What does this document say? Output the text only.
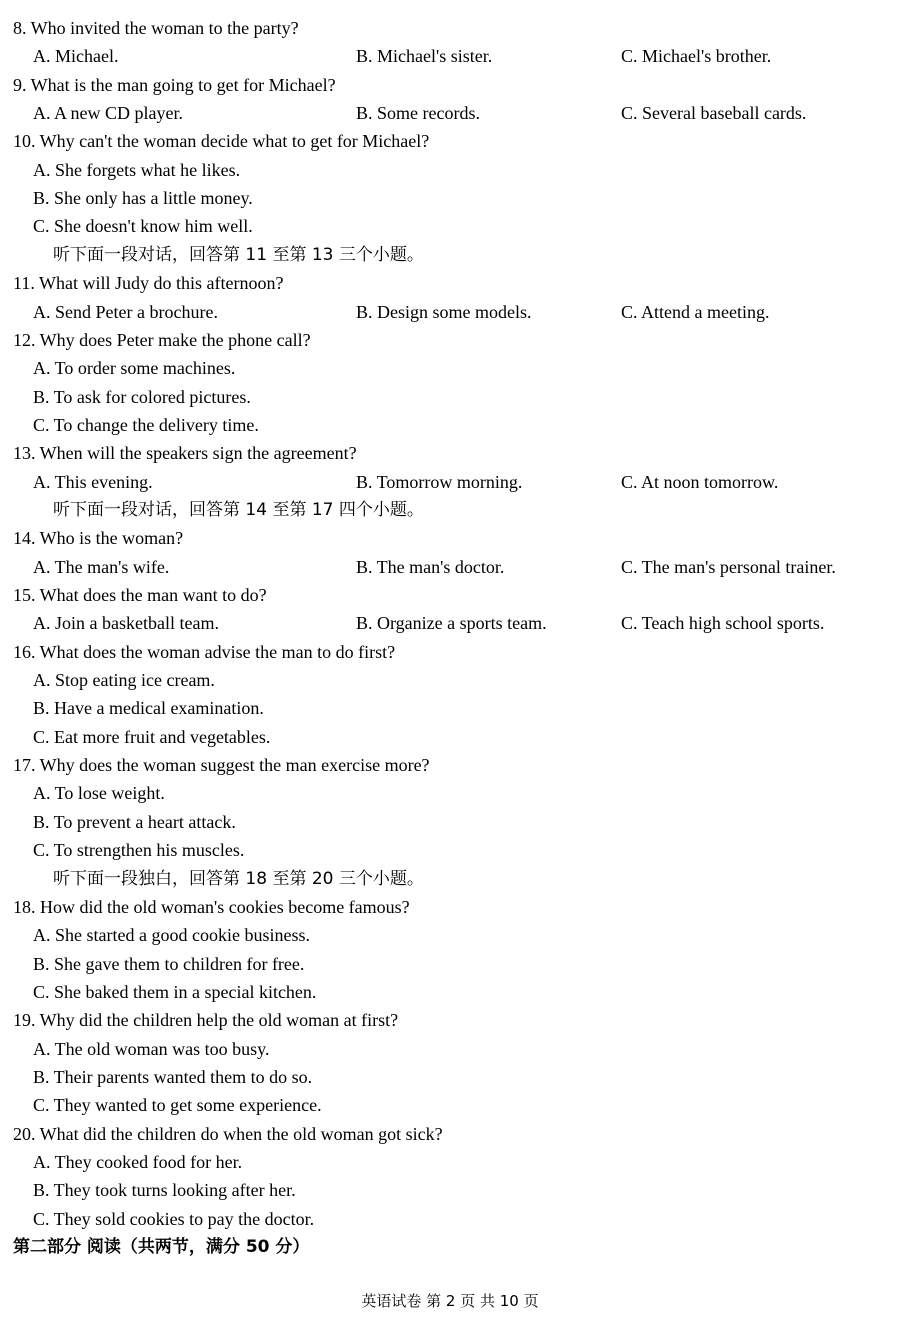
8. Who invited the woman to the party?
A. Michael.	B. Michael's sister.	C. Michael's brother.
9. What is the man going to get for Michael?
A. A new CD player.	B. Some records.	C. Several baseball cards.
10. Why can't the woman decide what to get for Michael?
A. She forgets what he likes.
B. She only has a little money.
C. She doesn't know him well.
听下面一段对话，回答第 11 至第 13 三个小题。
11. What will Judy do this afternoon?
A. Send Peter a brochure.	B. Design some models.	C. Attend a meeting.
12. Why does Peter make the phone call?
A. To order some machines.
B. To ask for colored pictures.
C. To change the delivery time.
13. When will the speakers sign the agreement?
A. This evening.	B. Tomorrow morning.	C. At noon tomorrow.
听下面一段对话，回答第 14 至第 17 四个小题。
14. Who is the woman?
A. The man's wife.	B. The man's doctor.	C. The man's personal trainer.
15. What does the man want to do?
A. Join a basketball team.	B. Organize a sports team.	C. Teach high school sports.
16. What does the woman advise the man to do first?
A. Stop eating ice cream.
B. Have a medical examination.
C. Eat more fruit and vegetables.
17. Why does the woman suggest the man exercise more?
A. To lose weight.
B. To prevent a heart attack.
C. To strengthen his muscles.
听下面一段独白，回答第 18 至第 20 三个小题。
18. How did the old woman's cookies become famous?
A. She started a good cookie business.
B. She gave them to children for free.
C. She baked them in a special kitchen.
19. Why did the children help the old woman at first?
A. The old woman was too busy.
B. Their parents wanted them to do so.
C. They wanted to get some experience.
20. What did the children do when the old woman got sick?
A. They cooked food for her.
B. They took turns looking after her.
C. They sold cookies to pay the doctor.
第二部分 阅读（共两节，满分 50 分）
英语试卷 第 2 页 共 10 页
